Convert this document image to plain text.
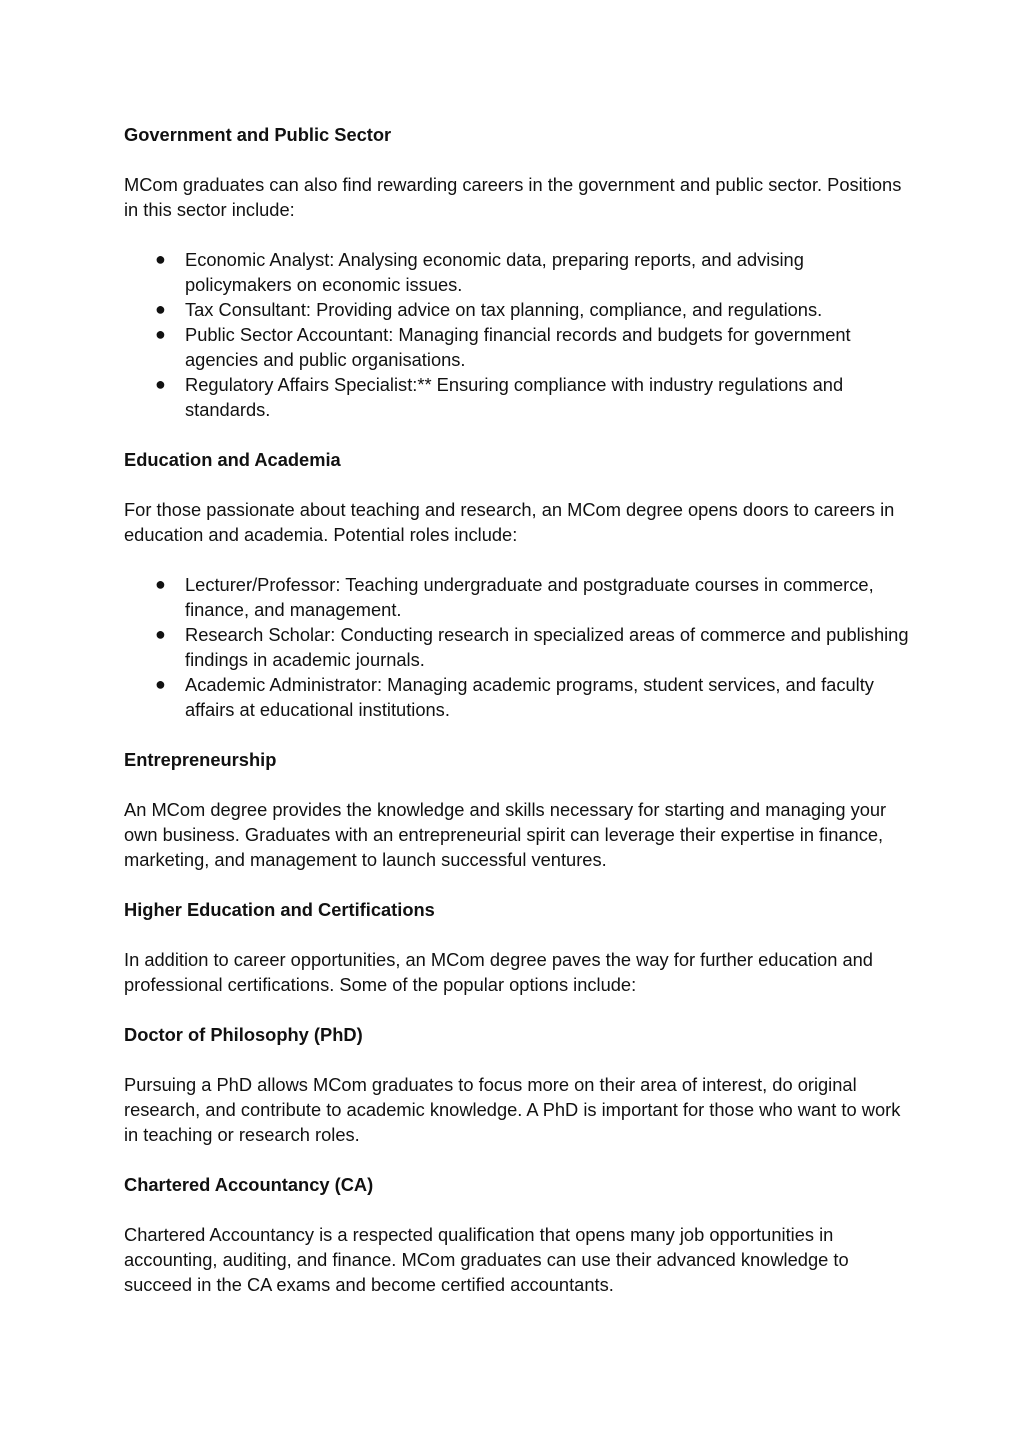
Government and Public Sector

MCom graduates can also find rewarding careers in the government and public sector. Positions in this sector include:

● Economic Analyst: Analysing economic data, preparing reports, and advising policymakers on economic issues.
● Tax Consultant: Providing advice on tax planning, compliance, and regulations.
● Public Sector Accountant: Managing financial records and budgets for government agencies and public organisations.
● Regulatory Affairs Specialist:** Ensuring compliance with industry regulations and standards.
Education and Academia

For those passionate about teaching and research, an MCom degree opens doors to careers in education and academia. Potential roles include:

● Lecturer/Professor: Teaching undergraduate and postgraduate courses in commerce, finance, and management.
● Research Scholar: Conducting research in specialized areas of commerce and publishing findings in academic journals.
● Academic Administrator: Managing academic programs, student services, and faculty affairs at educational institutions.
Entrepreneurship

An MCom degree provides the knowledge and skills necessary for starting and managing your own business. Graduates with an entrepreneurial spirit can leverage their expertise in finance, marketing, and management to launch successful ventures.

Higher Education and Certifications

In addition to career opportunities, an MCom degree paves the way for further education and professional certifications. Some of the popular options include:

Doctor of Philosophy (PhD)

Pursuing a PhD allows MCom graduates to focus more on their area of interest, do original research, and contribute to academic knowledge. A PhD is important for those who want to work in teaching or research roles.

Chartered Accountancy (CA)

Chartered Accountancy is a respected qualification that opens many job opportunities in accounting, auditing, and finance. MCom graduates can use their advanced knowledge to succeed in the CA exams and become certified accountants.
